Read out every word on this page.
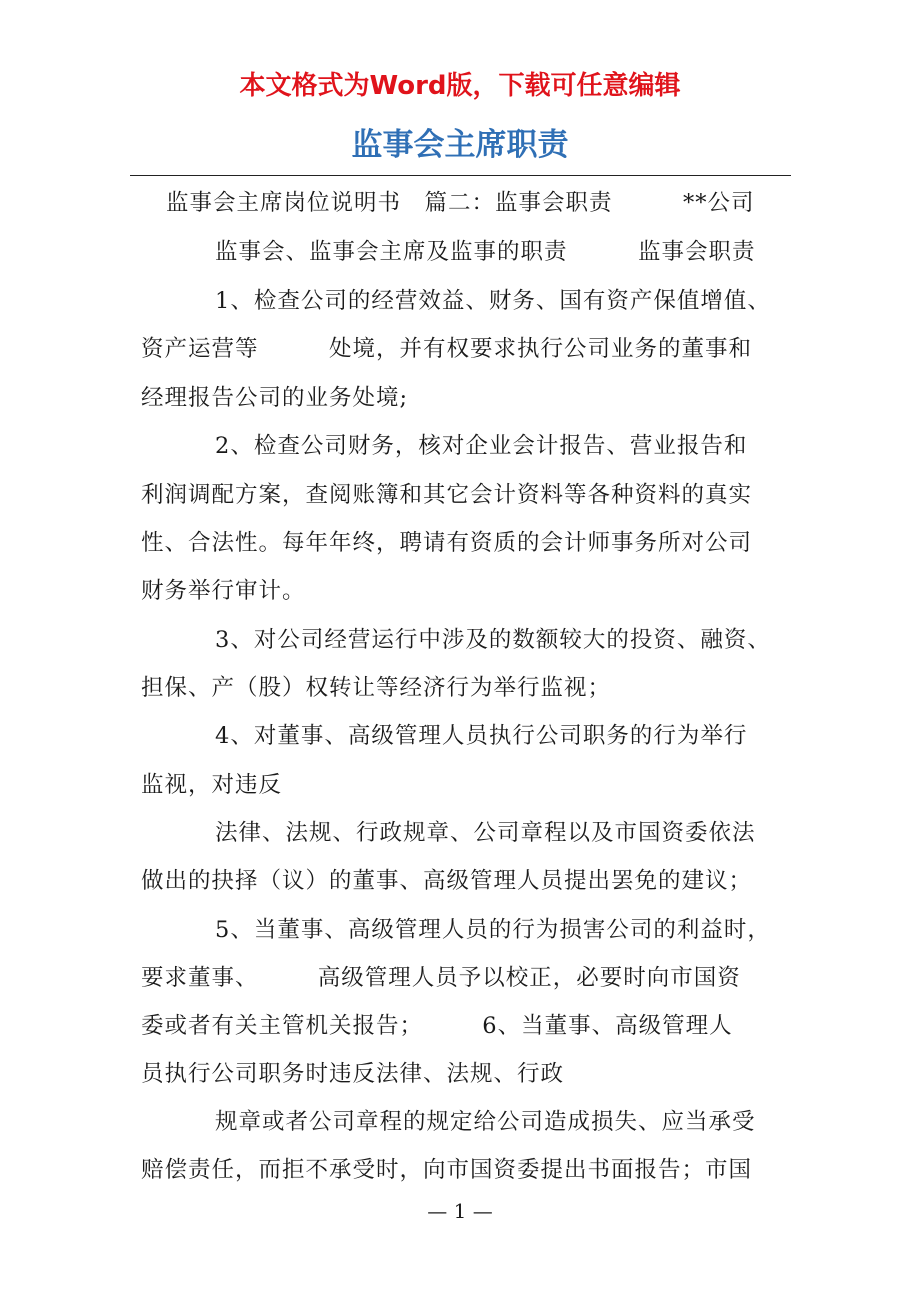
本文格式为Word版，下载可任意编辑
监事会主席职责
监事会主席岗位说明书　篇二：监事会职责　　　**公司
监事会、监事会主席及监事的职责　　　监事会职责
1、检查公司的经营效益、财务、国有资产保值增值、
资产运营等　　　处境，并有权要求执行公司业务的董事和
经理报告公司的业务处境;
2、检查公司财务，核对企业会计报告、营业报告和
利润调配方案，查阅账簿和其它会计资料等各种资料的真实
性、合法性。每年年终，聘请有资质的会计师事务所对公司
财务举行审计。
3、对公司经营运行中涉及的数额较大的投资、融资、
担保、产（股）权转让等经济行为举行监视；
4、对董事、高级管理人员执行公司职务的行为举行
监视，对违反
法律、法规、行政规章、公司章程以及市国资委依法
做出的抉择（议）的董事、高级管理人员提出罢免的建议；
5、当董事、高级管理人员的行为损害公司的利益时，
要求董事、　　　高级管理人员予以校正，必要时向市国资
委或者有关主管机关报告；　　　6、当董事、高级管理人
员执行公司职务时违反法律、法规、行政
规章或者公司章程的规定给公司造成损失、应当承受
赔偿责任，而拒不承受时，向市国资委提出书面报告；市国
— 1 —
